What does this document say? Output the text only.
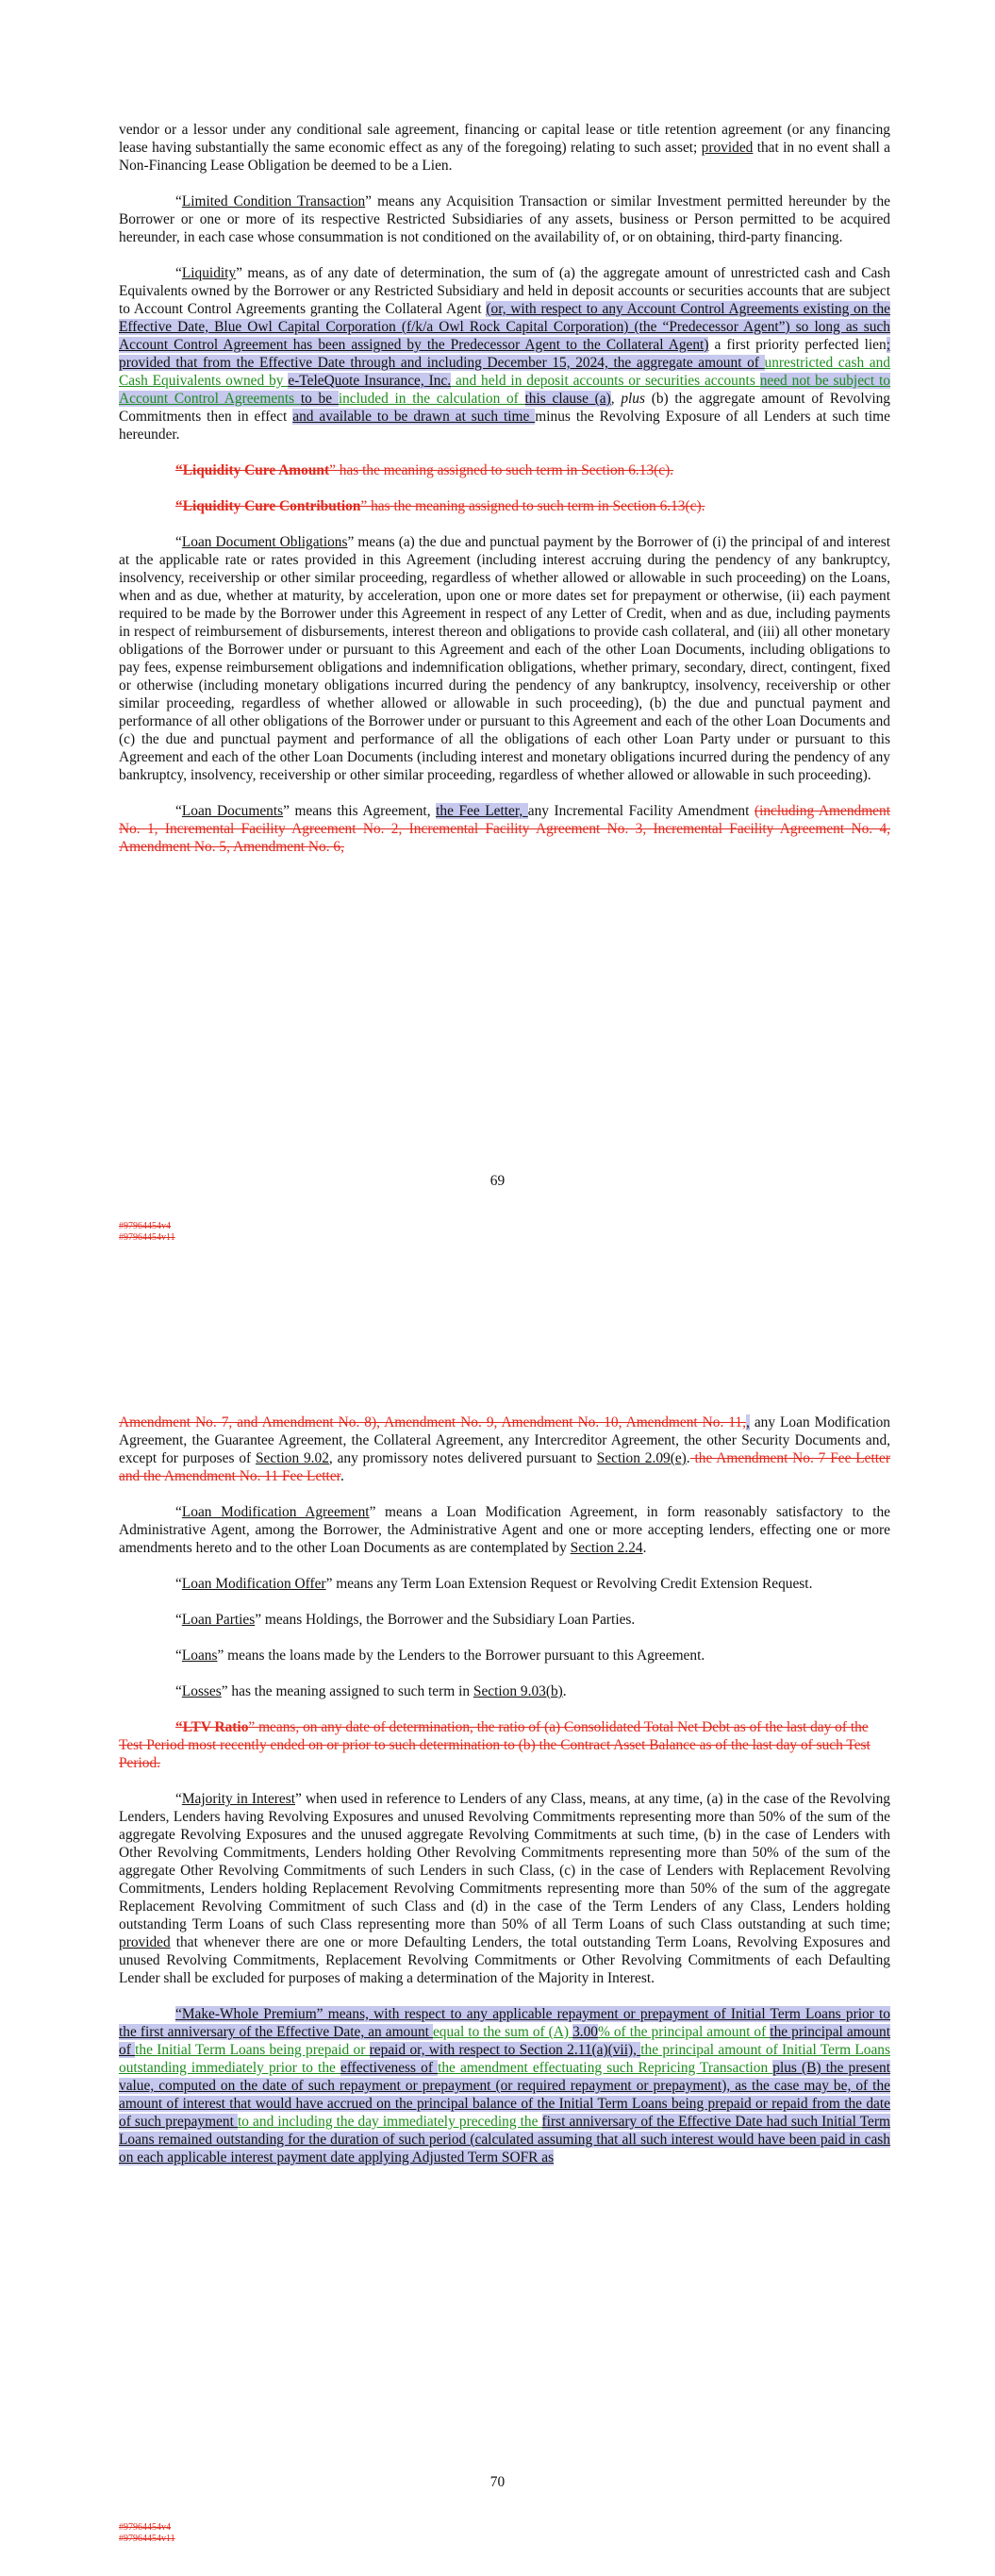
vendor or a lessor under any conditional sale agreement, financing or capital lease or title retention agreement (or any financing lease having substantially the same economic effect as any of the foregoing) relating to such asset; provided that in no event shall a Non-Financing Lease Obligation be deemed to be a Lien.

“Limited Condition Transaction” means any Acquisition Transaction or similar Investment permitted hereunder by the Borrower or one or more of its respective Restricted Subsidiaries of any assets, business or Person permitted to be acquired hereunder, in each case whose consummation is not conditioned on the availability of, or on obtaining, third-party financing.

“Liquidity” means, as of any date of determination, the sum of (a) the aggregate amount of unrestricted cash and Cash Equivalents owned by the Borrower or any Restricted Subsidiary and held in deposit accounts or securities accounts that are subject to Account Control Agreements granting the Collateral Agent (or, with respect to any Account Control Agreements existing on the Effective Date, Blue Owl Capital Corporation (f/k/a Owl Rock Capital Corporation) (the “Predecessor Agent”) so long as such Account Control Agreement has been assigned by the Predecessor Agent to the Collateral Agent) a first priority perfected lien; provided that from the Effective Date through and including December 15, 2024, the aggregate amount of unrestricted cash and Cash Equivalents owned by e-TeleQuote Insurance, Inc. and held in deposit accounts or securities accounts need not be subject to Account Control Agreements to be included in the calculation of this clause (a), plus (b) the aggregate amount of Revolving Commitments then in effect and available to be drawn at such time minus the Revolving Exposure of all Lenders at such time hereunder.

“Liquidity Cure Amount” has the meaning assigned to such term in Section 6.13(c).

“Liquidity Cure Contribution” has the meaning assigned to such term in Section 6.13(c).

“Loan Document Obligations” means (a) the due and punctual payment by the Borrower of (i) the principal of and interest at the applicable rate or rates provided in this Agreement (including interest accruing during the pendency of any bankruptcy, insolvency, receivership or other similar proceeding, regardless of whether allowed or allowable in such proceeding) on the Loans, when and as due, whether at maturity, by acceleration, upon one or more dates set for prepayment or otherwise, (ii) each payment required to be made by the Borrower under this Agreement in respect of any Letter of Credit, when and as due, including payments in respect of reimbursement of disbursements, interest thereon and obligations to provide cash collateral, and (iii) all other monetary obligations of the Borrower under or pursuant to this Agreement and each of the other Loan Documents, including obligations to pay fees, expense reimbursement obligations and indemnification obligations, whether primary, secondary, direct, contingent, fixed or otherwise (including monetary obligations incurred during the pendency of any bankruptcy, insolvency, receivership or other similar proceeding, regardless of whether allowed or allowable in such proceeding), (b) the due and punctual payment and performance of all other obligations of the Borrower under or pursuant to this Agreement and each of the other Loan Documents and (c) the due and punctual payment and performance of all the obligations of each other Loan Party under or pursuant to this Agreement and each of the other Loan Documents (including interest and monetary obligations incurred during the pendency of any bankruptcy, insolvency, receivership or other similar proceeding, regardless of whether allowed or allowable in such proceeding).

“Loan Documents” means this Agreement, the Fee Letter, any Incremental Facility Amendment (including Amendment No. 1, Incremental Facility Agreement No. 2, Incremental Facility Agreement No. 3, Incremental Facility Agreement No. 4, Amendment No. 5, Amendment No. 6,

69
#97964454v4
#97964454v11

Amendment No. 7, and Amendment No. 8), Amendment No. 9, Amendment No. 10, Amendment No. 11,, any Loan Modification Agreement, the Guarantee Agreement, the Collateral Agreement, any Intercreditor Agreement, the other Security Documents and, except for purposes of Section 9.02, any promissory notes delivered pursuant to Section 2.09(e). the Amendment No. 7 Fee Letter and the Amendment No. 11 Fee Letter.

“Loan Modification Agreement” means a Loan Modification Agreement, in form reasonably satisfactory to the Administrative Agent, among the Borrower, the Administrative Agent and one or more accepting lenders, effecting one or more amendments hereto and to the other Loan Documents as are contemplated by Section 2.24.

“Loan Modification Offer” means any Term Loan Extension Request or Revolving Credit Extension Request.

“Loan Parties” means Holdings, the Borrower and the Subsidiary Loan Parties.

“Loans” means the loans made by the Lenders to the Borrower pursuant to this Agreement.

“Losses” has the meaning assigned to such term in Section 9.03(b).

“LTV Ratio” means, on any date of determination, the ratio of (a) Consolidated Total Net Debt as of the last day of the Test Period most recently ended on or prior to such determination to (b) the Contract Asset Balance as of the last day of such Test Period.

“Majority in Interest” when used in reference to Lenders of any Class, means, at any time, (a) in the case of the Revolving Lenders, Lenders having Revolving Exposures and unused Revolving Commitments representing more than 50% of the sum of the aggregate Revolving Exposures and the unused aggregate Revolving Commitments at such time, (b) in the case of Lenders with Other Revolving Commitments, Lenders holding Other Revolving Commitments representing more than 50% of the sum of the aggregate Other Revolving Commitments of such Lenders in such Class, (c) in the case of Lenders with Replacement Revolving Commitments, Lenders holding Replacement Revolving Commitments representing more than 50% of the sum of the aggregate Replacement Revolving Commitment of such Class and (d) in the case of the Term Lenders of any Class, Lenders holding outstanding Term Loans of such Class representing more than 50% of all Term Loans of such Class outstanding at such time; provided that whenever there are one or more Defaulting Lenders, the total outstanding Term Loans, Revolving Exposures and unused Revolving Commitments, Replacement Revolving Commitments or Other Revolving Commitments of each Defaulting Lender shall be excluded for purposes of making a determination of the Majority in Interest.

“Make-Whole Premium” means, with respect to any applicable repayment or prepayment of Initial Term Loans prior to the first anniversary of the Effective Date, an amount equal to the sum of (A) 3.00% of the principal amount of the principal amount of the Initial Term Loans being prepaid or repaid or, with respect to Section 2.11(a)(vii), the principal amount of Initial Term Loans outstanding immediately prior to the effectiveness of the amendment effectuating such Repricing Transaction plus (B) the present value, computed on the date of such repayment or prepayment (or required repayment or prepayment), as the case may be, of the amount of interest that would have accrued on the principal balance of the Initial Term Loans being prepaid or repaid from the date of such prepayment to and including the day immediately preceding the first anniversary of the Effective Date had such Initial Term Loans remained outstanding for the duration of such period (calculated assuming that all such interest would have been paid in cash on each applicable interest payment date applying Adjusted Term SOFR as

70
#97964454v4
#97964454v11
